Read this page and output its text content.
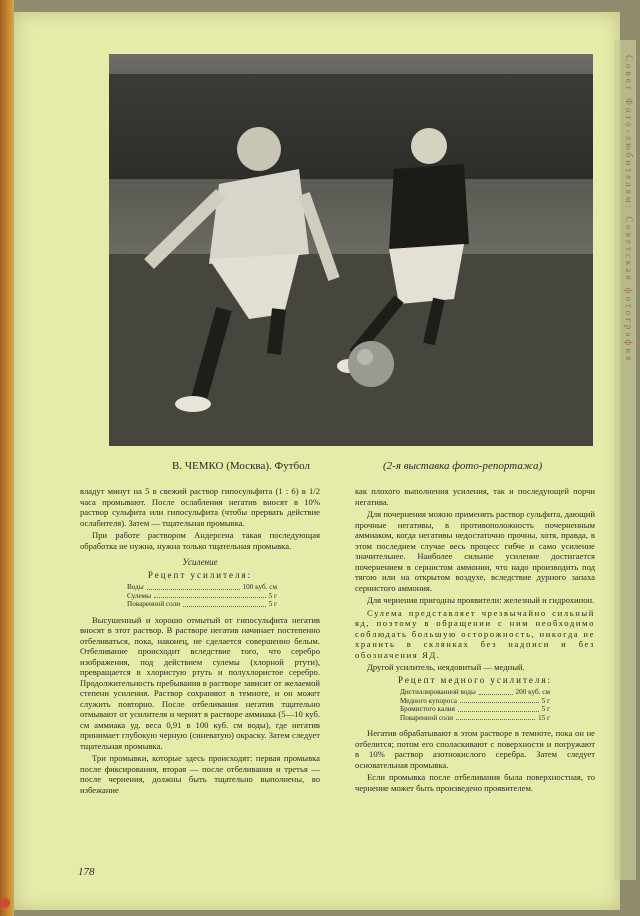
Совет Фото-любителям: Советская фотография
В. ЧЕМКО (Москва). Футбол	(2-я выставка фото-репортажа)

владут минут на 5 в свежий раствор гипосульфита (1 : 6) в 1/2 часа промывают. После ослабления негатив вносят в 10% раствор сульфита или гипосульфита (чтобы прервать действие ослабителя). Затем — тщательная промывка.

При работе раствором Андерсена такая последующая обработка не нужна, нужна только тщательная промывка.

Усиление

Рецепт усилителя:

Воды	100 куб. см
Сулемы	5 г
Поваренной соли	5 г

Высушенный и хорошо отмытый от гипосульфита негатив вносят в этот раствор. В растворе негатив начинает постепенно отбеливаться, пока, наконец, не сделается совершенно белым. Отбеливание происходит вследствие того, что серебро изображения, под действием сулемы (хлорной ртути), превращается в хлористую ртуть и полухлористое серебро. Продолжительность пребывания в растворе зависит от желаемой степени усиления. Раствор сохраняют в темноте, и он может служить повторно. После отбеливания негатив тщательно отмывают от усилителя и чернят в растворе аммиака (5—10 куб. см аммиака уд. веса 0,91 в 100 куб. см воды), где негатив принимает глубокую черную (синеватую) окраску. Затем следует тщательная промывка.

Три промывки, которые здесь происходят: первая промывка после фиксирования, вторая — после отбеливания и третья — после чернения, должны быть тщательно выполнены, во избежание

как плохого выполнения усиления, так и последующей порчи негатива.

Для почернения можно применять раствор сульфита, дающий прочные негативы, в противоположность почерненным аммиаком, когда негативы недостаточно прочны, хотя, правда, в этом последнем случае весь процесс гибче и само усиление значительнее. Наиболее сильное усиление достигается почернением в сернистом аммонии, что надо производить под тягою или на открытом воздухе, вследствие дурного запаха сернистого аммония.

Для чернения пригодны проявители: железный и гидрохинон.

Сулема представляет чрезвычайно сильный яд, поэтому в обращении с ним необходимо соблюдать большую осторожность, никогда не хранить в склянках без надписи и без обозначения ЯД.

Другой усилитель, неядовитый — медный.

Рецепт медного усилителя:

Дистиллированной воды	200 куб. см
Медного купороса	5 г
Бромистого калия	5 г
Поваренной соли	15 г

Негатив обрабатывают в этом растворе в темноте, пока он не отбелится; потом его споласкивают с поверхности и погружают в 10% раствор азотнокислого серебра. Затем следует основательная промывка.

Если промывка после отбеливания была поверхностная, то чернение может быть произведено проявителем.

178
